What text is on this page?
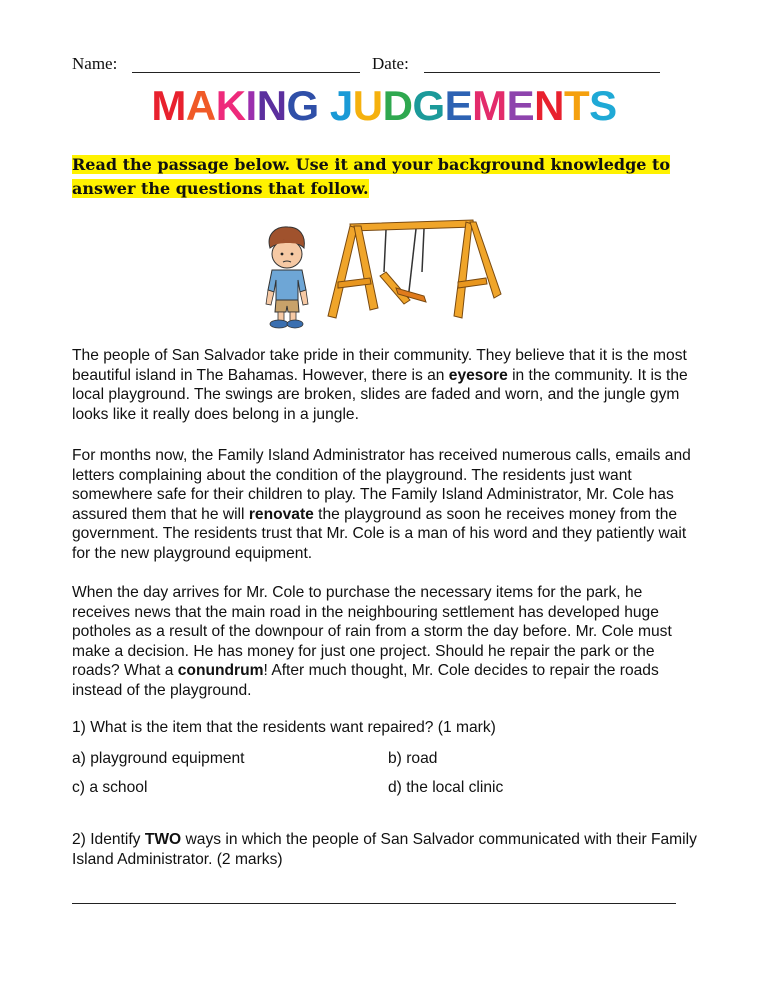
Name:	Date:
MAKING JUDGEMENTS
Read the passage below. Use it and your background knowledge to
answer the questions that follow.

The people of San Salvador take pride in their community. They believe that it is the most beautiful island in The Bahamas. However, there is an eyesore in the community. It is the local playground. The swings are broken, slides are faded and worn, and the jungle gym looks like it really does belong in a jungle.

For months now, the Family Island Administrator has received numerous calls, emails and letters complaining about the condition of the playground. The residents just want somewhere safe for their children to play. The Family Island Administrator, Mr. Cole has assured them that he will renovate the playground as soon he receives money from the government. The residents trust that Mr. Cole is a man of his word and they patiently wait for the new playground equipment.

When the day arrives for Mr. Cole to purchase the necessary items for the park, he receives news that the main road in the neighbouring settlement has developed huge potholes as a result of the downpour of rain from a storm the day before. Mr. Cole must make a decision. He has money for just one project. Should he repair the park or the roads? What a conundrum! After much thought, Mr. Cole decides to repair the roads instead of the playground.

1) What is the item that the residents want repaired? (1 mark)
a) playground equipment	b) road
c) a school	d) the local clinic
2) Identify TWO ways in which the people of San Salvador communicated with their Family Island Administrator. (2 marks)
